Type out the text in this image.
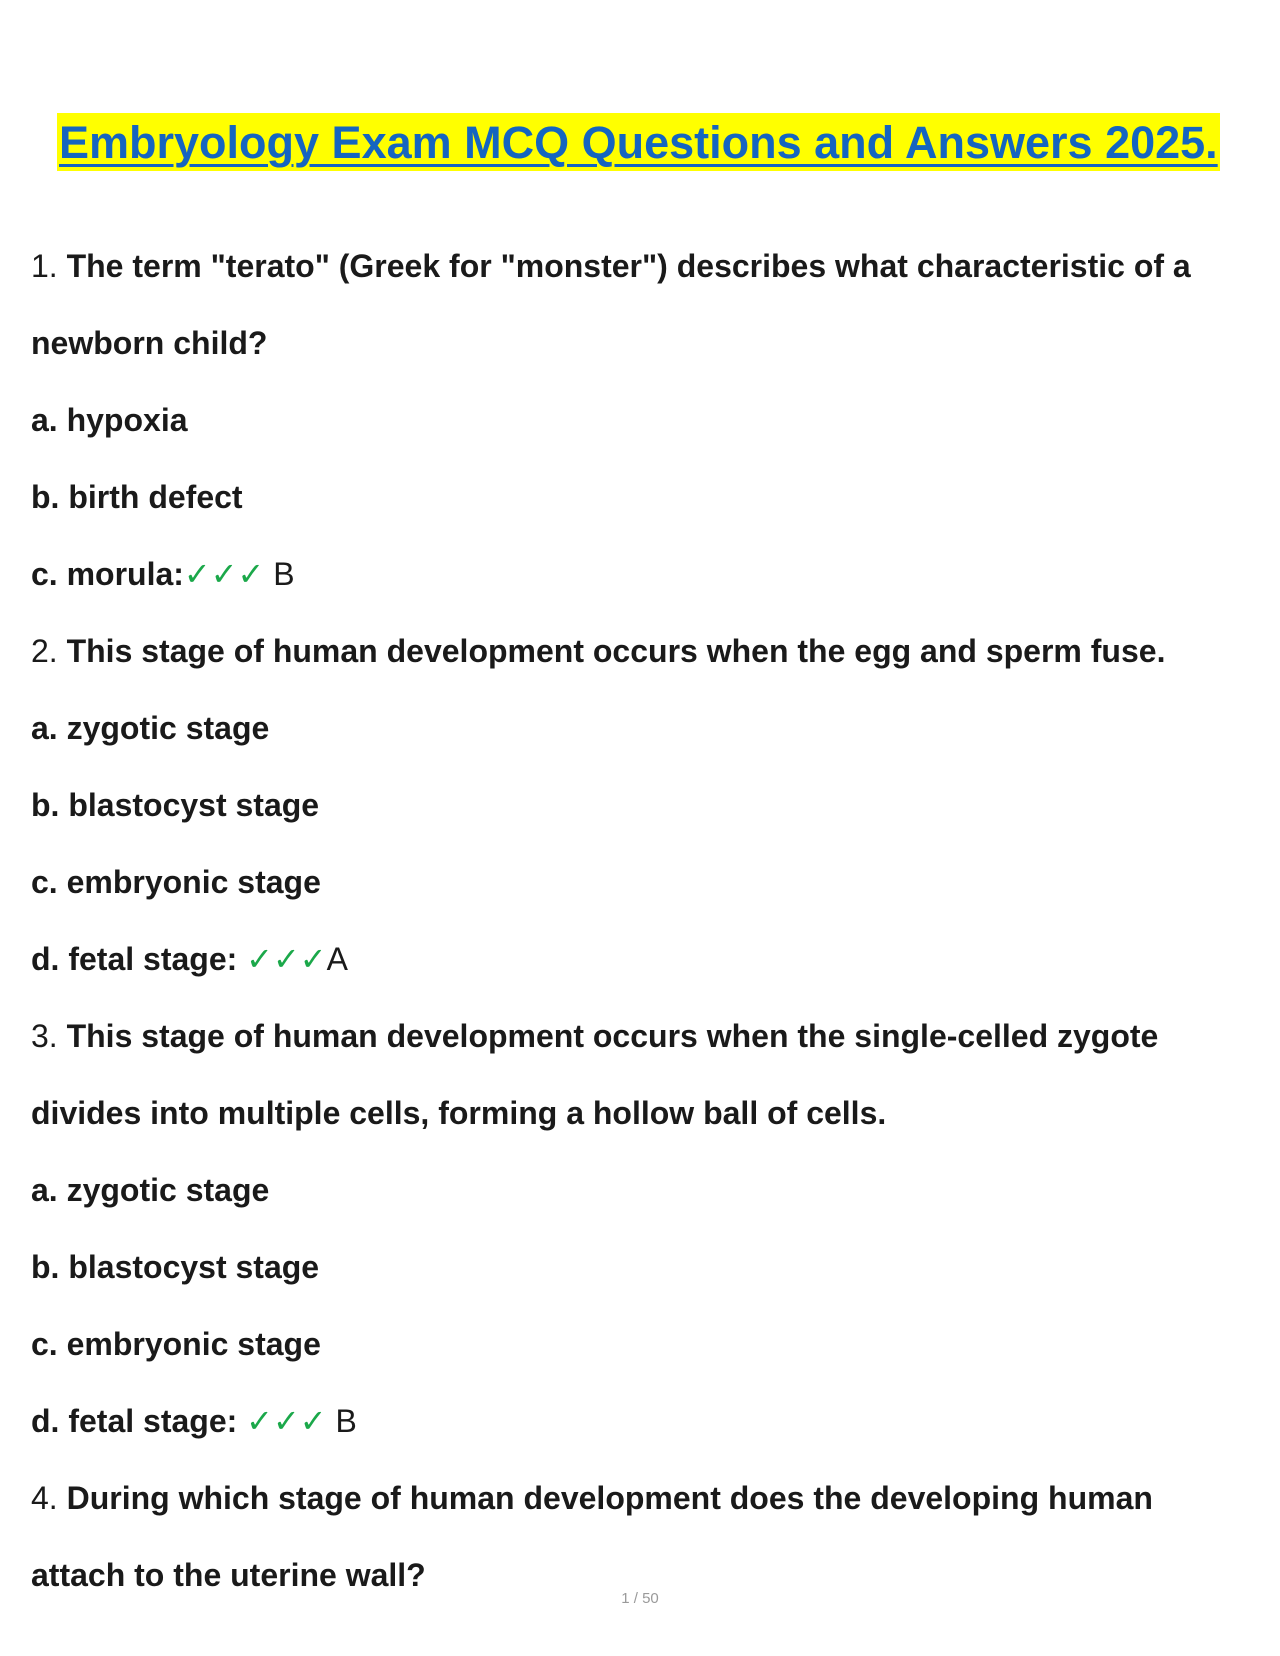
Embryology Exam MCQ Questions and Answers 2025.
1. The term "terato" (Greek for "monster") describes what characteristic of a
newborn child?
a. hypoxia
b. birth defect
c. morula:✓✓✓ B
2. This stage of human development occurs when the egg and sperm fuse.
a. zygotic stage
b. blastocyst stage
c. embryonic stage
d. fetal stage: ✓✓✓A
3. This stage of human development occurs when the single-celled zygote
divides into multiple cells, forming a hollow ball of cells.
a. zygotic stage
b. blastocyst stage
c. embryonic stage
d. fetal stage: ✓✓✓ B
4. During which stage of human development does the developing human
attach to the uterine wall?
1 / 50
